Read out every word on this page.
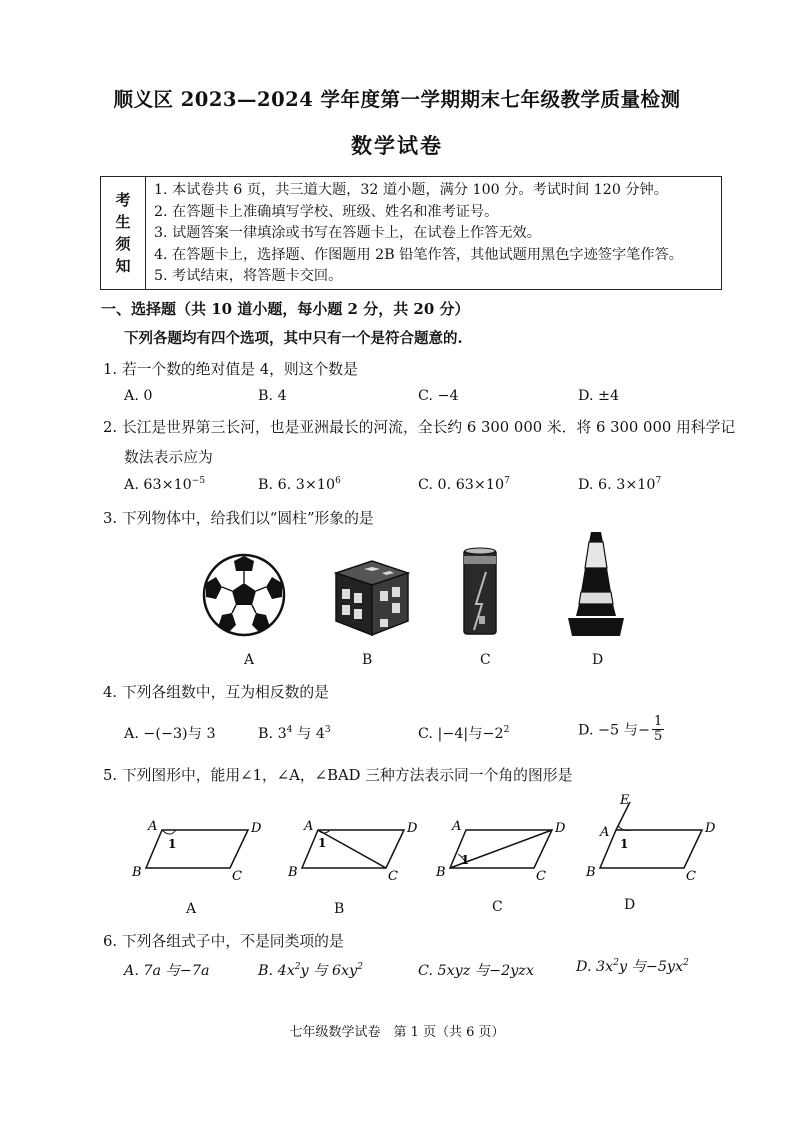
顺义区 2023—2024 学年度第一学期期末七年级教学质量检测
数学试卷
考
生
须
知
1. 本试卷共 6 页，共三道大题，32 道小题，满分 100 分。考试时间 120 分钟。
2. 在答题卡上准确填写学校、班级、姓名和准考证号。
3. 试题答案一律填涂或书写在答题卡上，在试卷上作答无效。
4. 在答题卡上，选择题、作图题用 2B 铅笔作答，其他试题用黑色字迹签字笔作答。
5. 考试结束，将答题卡交回。
一、选择题（共 10 道小题，每小题 2 分，共 20 分）
下列各题均有四个选项，其中只有一个是符合题意的.
1. 若一个数的绝对值是 4，则这个数是
A. 0	B. 4	C. −4	D. ±4
2. 长江是世界第三长河，也是亚洲最长的河流，全长约 6 300 000 米．将 6 300 000 用科学记
数法表示应为
A. $63\times 10^{-5}$	B. 6. $3\times 10^6$	C. 0. $63\times 10^7$	D. 6. $3\times 10^7$
3. 下列物体中，给我们以“圆柱”形象的是
A	B	C	D
4. 下列各组数中，互为相反数的是
A. −(−3)与 3	B. $3^4$ 与 $4^3$	C. |−4|与$-2^2$	D. −5 与− $\frac{1}{5}$
5. 下列图形中，能用∠1，∠A，∠BAD 三种方法表示同一个角的图形是
A	D
B	C
1
A	D
B	C
1
A	D
B	C
1
E
A	D
B	C
1
A	B	C	D
6. 下列各组式子中，不是同类项的是
A. 7a 与−7a	B. $4x^2y$ 与 $6xy^2$	C. 5xyz 与−2yzx	D. $3x^2y$ 与$-5yx^2$
七年级数学试卷　第 1 页（共 6 页）
